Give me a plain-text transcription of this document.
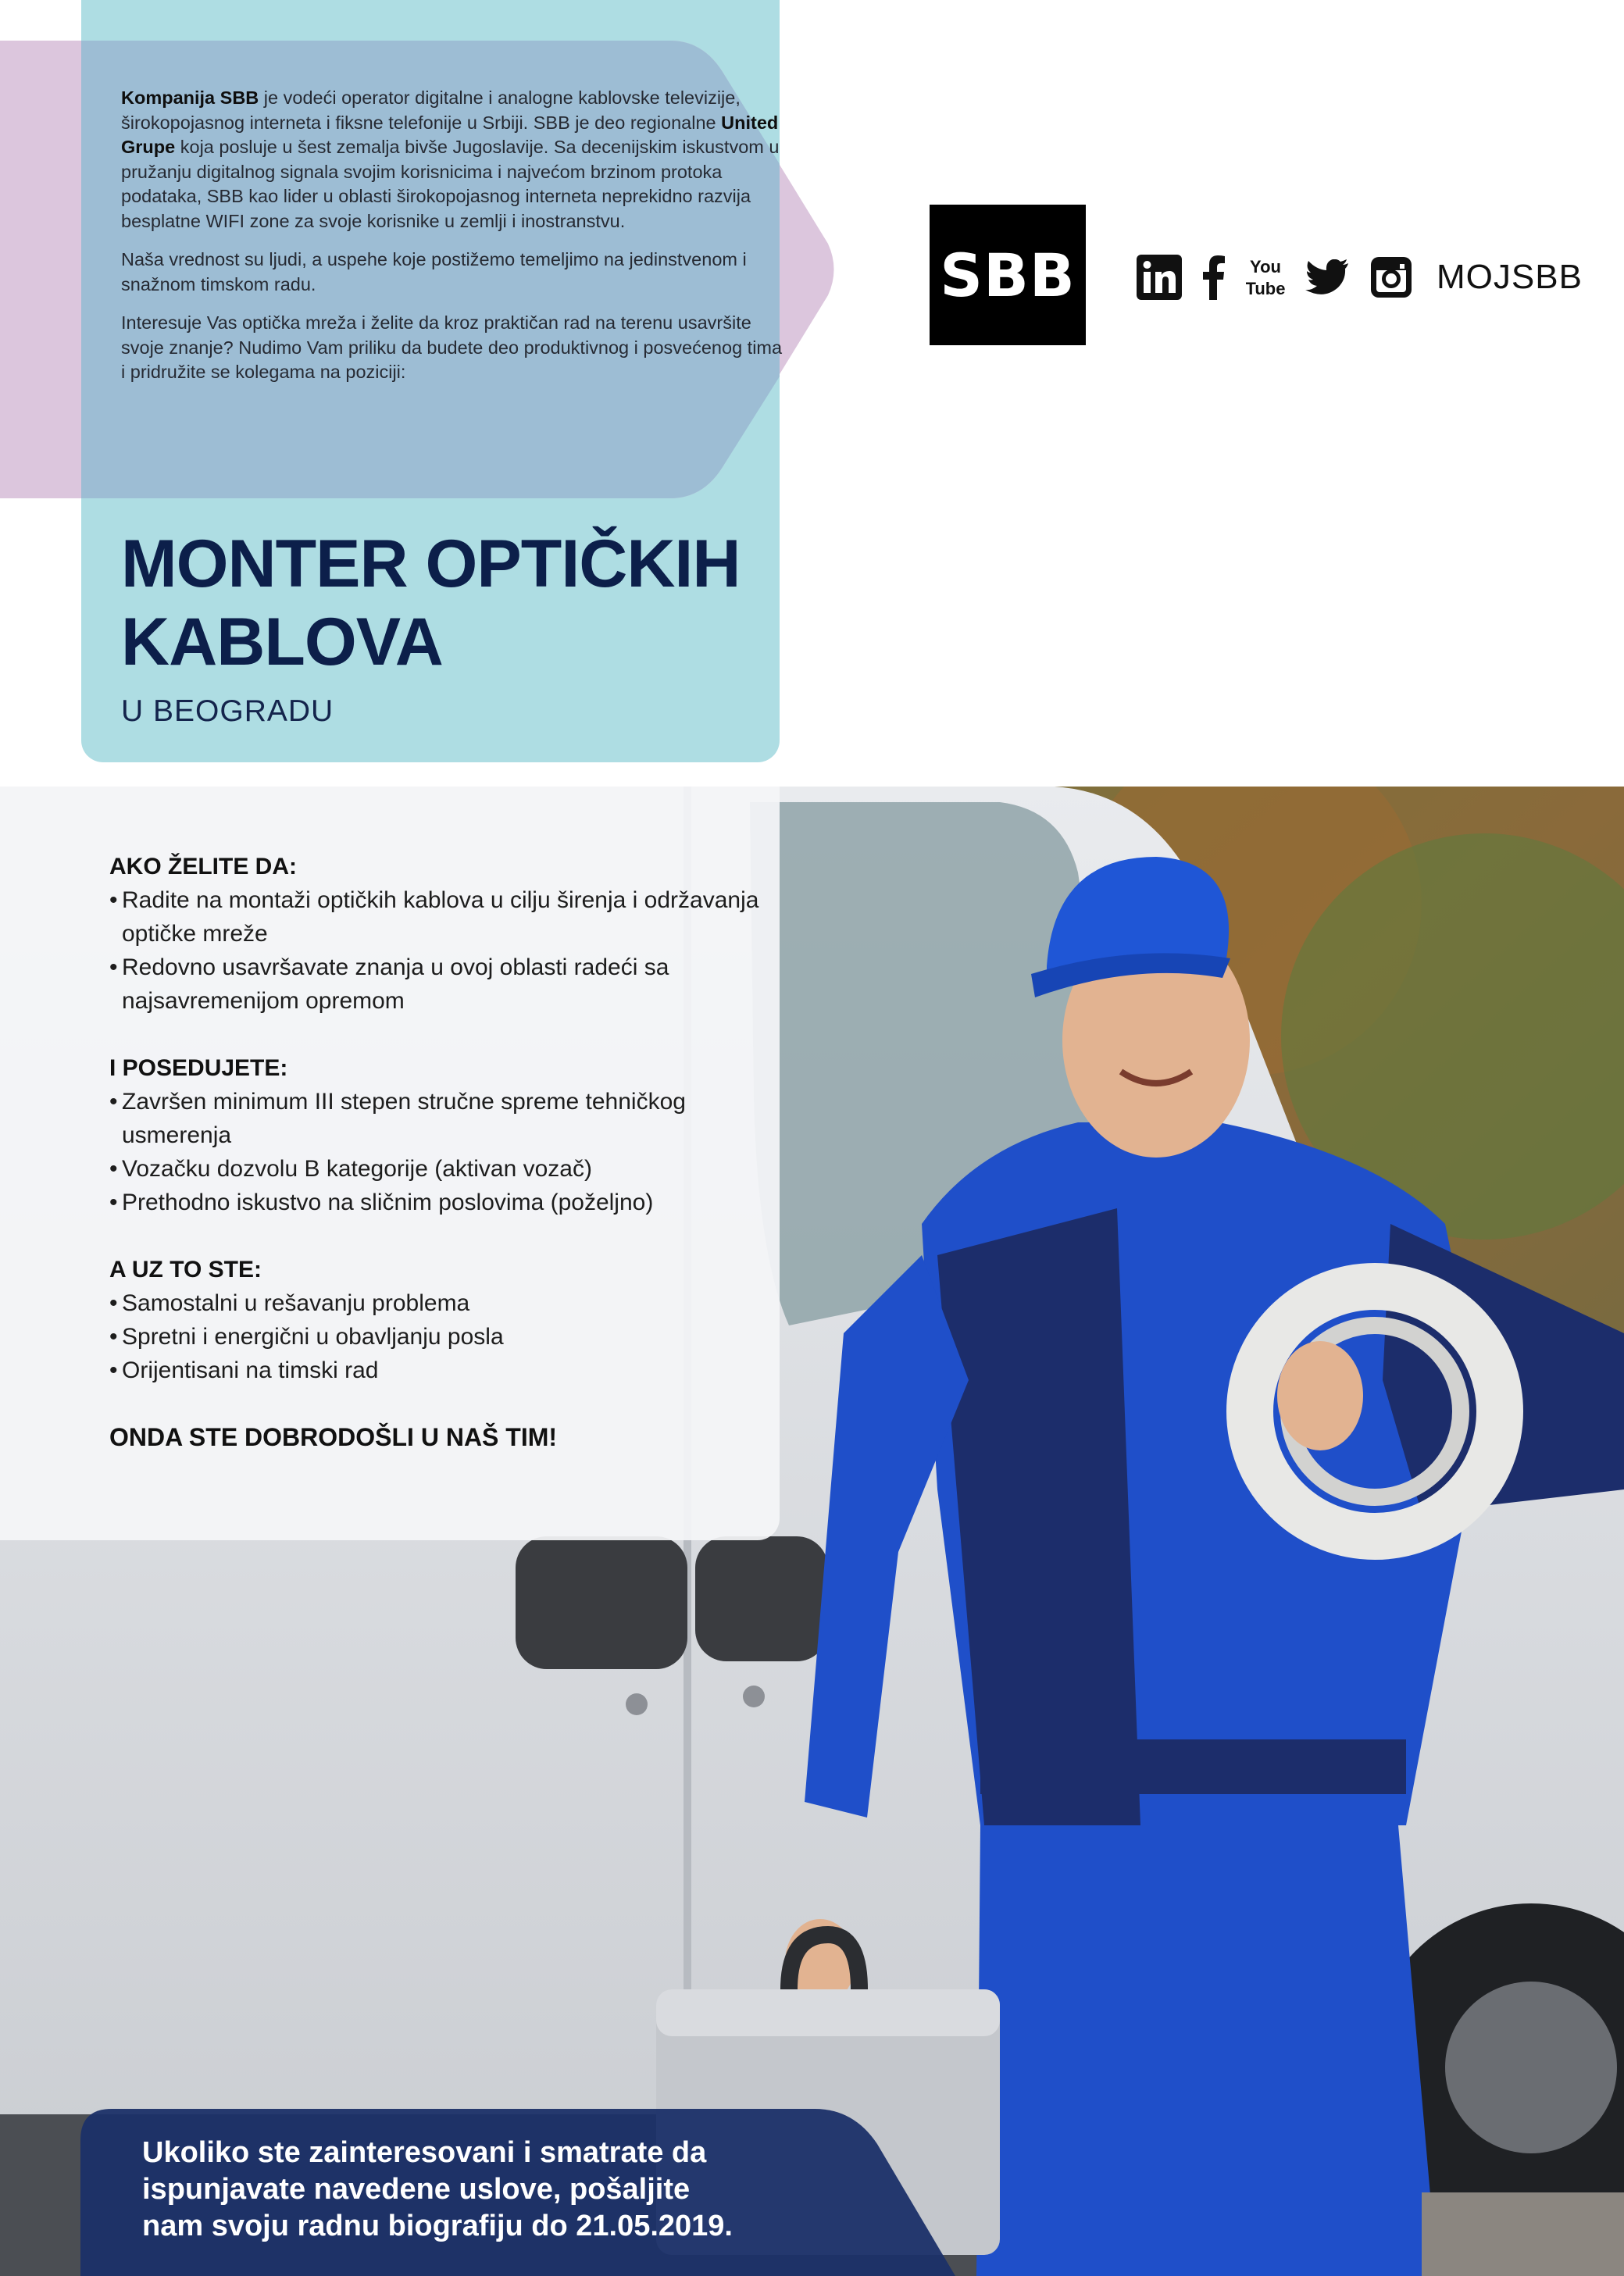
Kompanija SBB je vodeći operator digitalne i analogne kablovske televizije, širokopojasnog interneta i fiksne telefonije u Srbiji. SBB je deo regionalne United Grupe koja posluje u šest zemalja bivše Jugoslavije. Sa decenijskim iskustvom u pružanju digitalnog signala svojim korisnicima i najvećom brzinom protoka podataka, SBB kao lider u oblasti širokopojasnog interneta neprekidno razvija besplatne WIFI zone za svoje korisnike u zemlji i inostranstvu.

Naša vrednost su ljudi, a uspehe koje postižemo temeljimo na jedinstvenom i snažnom timskom radu.

Interesuje Vas optička mreža i želite da kroz praktičan rad na terenu usavršite svoje znanje? Nudimo Vam priliku da budete deo produktivnog i posvećenog tima i pridružite se kolegama na poziciji:

MONTER OPTIČKIH
KABLOVA
U BEOGRADU
SBB	You
Tube	MOJSBB
AKO ŽELITE DA:
• Radite na montaži optičkih kablova u cilju širenja i održavanja optičke mreže
• Redovno usavršavate znanja u ovoj oblasti radeći sa najsavremenijom opremom
I POSEDUJETE:
• Završen minimum III stepen stručne spreme tehničkog usmerenja
• Vozačku dozvolu B kategorije (aktivan vozač)
• Prethodno iskustvo na sličnim poslovima (poželjno)
A UZ TO STE:
• Samostalni u rešavanju problema
• Spretni i energični u obavljanju posla
• Orijentisani na timski rad

ONDA STE DOBRODOŠLI U NAŠ TIM!

Ukoliko ste zainteresovani i smatrate da
ispunjavate navedene uslove, pošaljite
nam svoju radnu biografiju do 21.05.2019.
